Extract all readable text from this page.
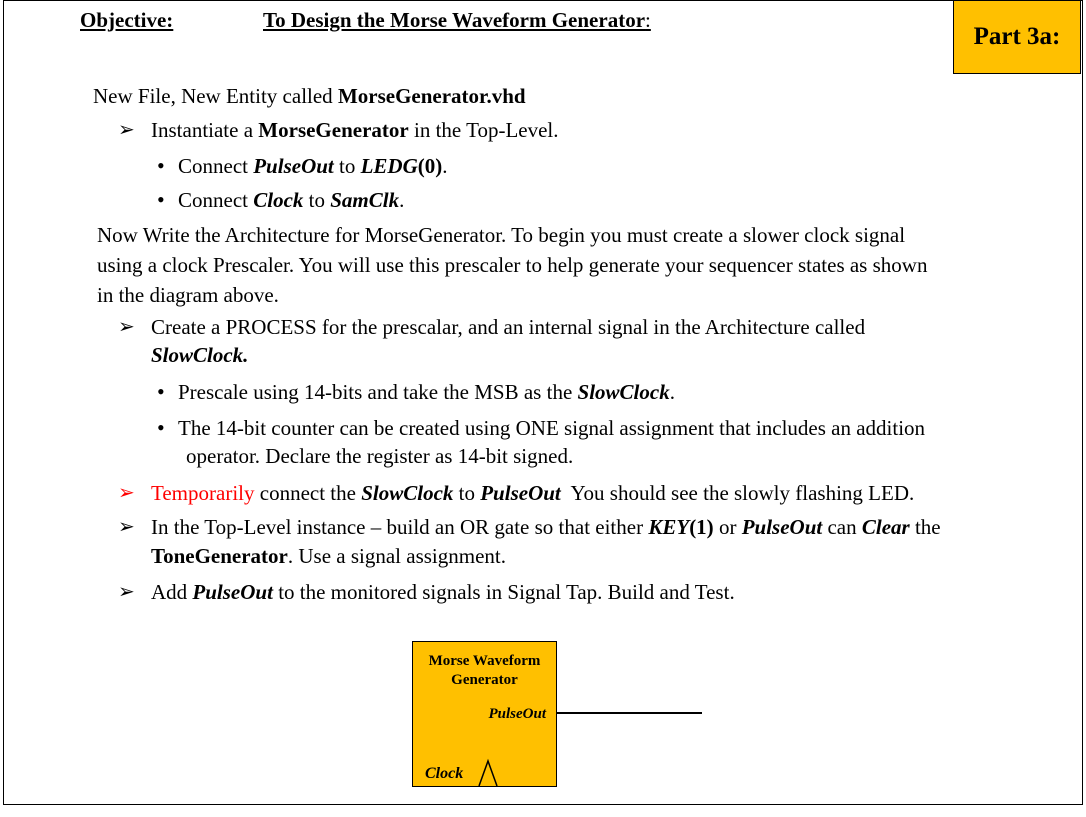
Objective:	To Design the Morse Waveform Generator:
Part 3a:
New File, New Entity called MorseGenerator.vhd
➢ Instantiate a MorseGenerator in the Top-Level.
• Connect PulseOut to LEDG(0).
• Connect Clock to SamClk.
Now Write the Architecture for MorseGenerator. To begin you must create a slower clock signal
using a clock Prescaler. You will use this prescaler to help generate your sequencer states as shown
in the diagram above.
➢ Create a PROCESS for the prescalar, and an internal signal in the Architecture called
SlowClock.
• Prescale using 14-bits and take the MSB as the SlowClock.
• The 14-bit counter can be created using ONE signal assignment that includes an addition
operator. Declare the register as 14-bit signed.
➢ Temporarily connect the SlowClock to PulseOut  You should see the slowly flashing LED.
➢ In the Top-Level instance – build an OR gate so that either KEY(1) or PulseOut can Clear the
ToneGenerator. Use a signal assignment.
➢ Add PulseOut to the monitored signals in Signal Tap. Build and Test.
Morse Waveform
Generator
PulseOut
Clock
